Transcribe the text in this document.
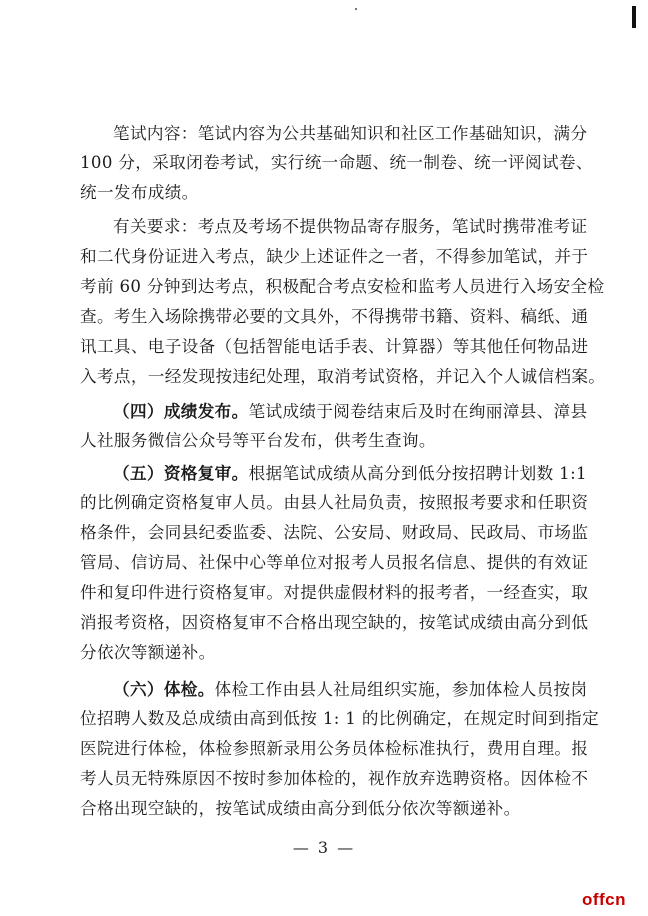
笔试内容：笔试内容为公共基础知识和社区工作基础知识，满分
100 分，采取闭卷考试，实行统一命题、统一制卷、统一评阅试卷、
统一发布成绩。
有关要求：考点及考场不提供物品寄存服务，笔试时携带准考证
和二代身份证进入考点，缺少上述证件之一者，不得参加笔试，并于
考前 60 分钟到达考点，积极配合考点安检和监考人员进行入场安全检
查。考生入场除携带必要的文具外，不得携带书籍、资料、稿纸、通
讯工具、电子设备（包括智能电话手表、计算器）等其他任何物品进
入考点，一经发现按违纪处理，取消考试资格，并记入个人诚信档案。
（四）成绩发布。笔试成绩于阅卷结束后及时在绚丽漳县、漳县
人社服务微信公众号等平台发布，供考生查询。
（五）资格复审。根据笔试成绩从高分到低分按招聘计划数 1:1
的比例确定资格复审人员。由县人社局负责，按照报考要求和任职资
格条件，会同县纪委监委、法院、公安局、财政局、民政局、市场监
管局、信访局、社保中心等单位对报考人员报名信息、提供的有效证
件和复印件进行资格复审。对提供虚假材料的报考者，一经查实，取
消报考资格，因资格复审不合格出现空缺的，按笔试成绩由高分到低
分依次等额递补。
（六）体检。体检工作由县人社局组织实施，参加体检人员按岗
位招聘人数及总成绩由高到低按 1: 1 的比例确定，在规定时间到指定
医院进行体检，体检参照新录用公务员体检标准执行，费用自理。报
考人员无特殊原因不按时参加体检的，视作放弃选聘资格。因体检不
合格出现空缺的，按笔试成绩由高分到低分依次等额递补。
— 3 —
offcn
